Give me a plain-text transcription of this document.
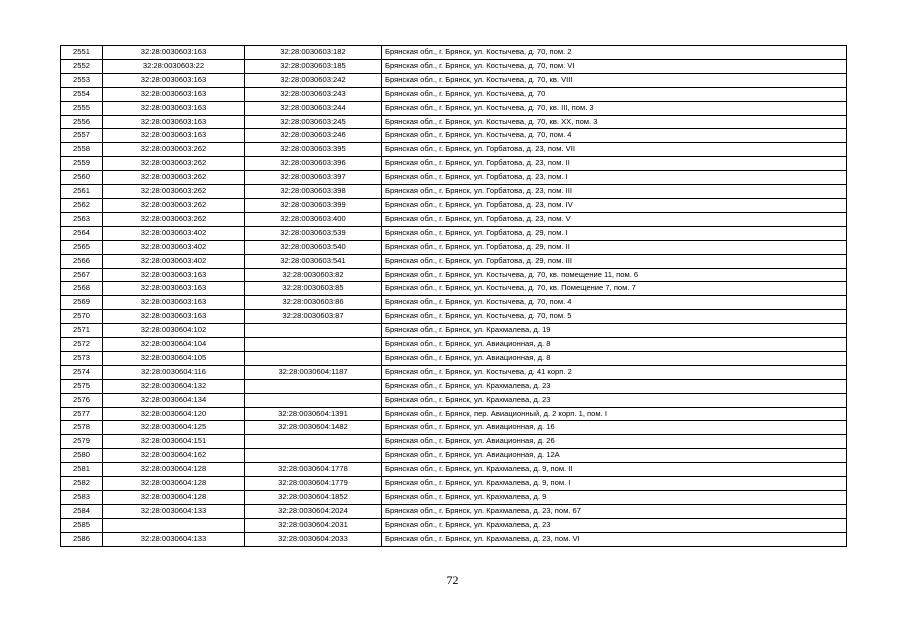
2551	32:28:0030603:163	32:28:0030603:182	Брянская обл., г. Брянск, ул. Костычева, д. 70, пом. 2
2552	32:28:0030603:22	32:28:0030603:185	Брянская обл., г. Брянск, ул. Костычева, д. 70, пом. VI
2553	32:28:0030603:163	32:28:0030603:242	Брянская обл., г. Брянск, ул. Костычева, д. 70, кв. VIII
2554	32:28:0030603:163	32:28:0030603:243	Брянская обл., г. Брянск, ул. Костычева, д. 70
2555	32:28:0030603:163	32:28:0030603:244	Брянская обл., г. Брянск, ул. Костычева, д. 70, кв. III, пом. 3
2556	32:28:0030603:163	32:28:0030603:245	Брянская обл., г. Брянск, ул. Костычева, д. 70, кв. XX, пом. 3
2557	32:28:0030603:163	32:28:0030603:246	Брянская обл., г. Брянск, ул. Костычева, д. 70, пом. 4
2558	32:28:0030603:262	32:28:0030603:395	Брянская обл., г. Брянск, ул. Горбатова, д. 23, пом. VII
2559	32:28:0030603:262	32:28:0030603:396	Брянская обл., г. Брянск, ул. Горбатова, д. 23, пом. II
2560	32:28:0030603:262	32:28:0030603:397	Брянская обл., г. Брянск, ул. Горбатова, д. 23, пом. I
2561	32:28:0030603:262	32:28:0030603:398	Брянская обл., г. Брянск, ул. Горбатова, д. 23, пом. III
2562	32:28:0030603:262	32:28:0030603:399	Брянская обл., г. Брянск, ул. Горбатова, д. 23, пом. IV
2563	32:28:0030603:262	32:28:0030603:400	Брянская обл., г. Брянск, ул. Горбатова, д. 23, пом. V
2564	32:28:0030603:402	32:28:0030603:539	Брянская обл., г. Брянск, ул. Горбатова, д. 29, пом. I
2565	32:28:0030603:402	32:28:0030603:540	Брянская обл., г. Брянск, ул. Горбатова, д. 29, пом. II
2566	32:28:0030603:402	32:28:0030603:541	Брянская обл., г. Брянск, ул. Горбатова, д. 29, пом. III
2567	32:28:0030603:163	32:28:0030603:82	Брянская обл., г. Брянск, ул. Костычева, д. 70, кв. помещение 11, пом. 6
2568	32:28:0030603:163	32:28:0030603:85	Брянская обл., г. Брянск, ул. Костычева, д. 70, кв. Помещение 7, пом. 7
2569	32:28:0030603:163	32:28:0030603:86	Брянская обл., г. Брянск, ул. Костычева, д. 70, пом. 4
2570	32:28:0030603:163	32:28:0030603:87	Брянская обл., г. Брянск, ул. Костычева, д. 70, пом. 5
2571	32:28:0030604:102		Брянская обл., г. Брянск, ул. Крахмалева, д. 19
2572	32:28:0030604:104		Брянская обл., г. Брянск, ул. Авиационная, д. 8
2573	32:28:0030604:105		Брянская обл., г. Брянск, ул. Авиационная, д. 8
2574	32:28:0030604:116	32:28:0030604:1187	Брянская обл., г. Брянск, ул. Костычева, д. 41 корп. 2
2575	32:28:0030604:132		Брянская обл., г. Брянск, ул. Крахмалева, д. 23
2576	32:28:0030604:134		Брянская обл., г. Брянск, ул. Крахмалева, д. 23
2577	32:28:0030604:120	32:28:0030604:1391	Брянская обл., г. Брянск, пер. Авиационный, д. 2 корп. 1, пом. I
2578	32:28:0030604:125	32:28:0030604:1482	Брянская обл., г. Брянск, ул. Авиационная, д. 16
2579	32:28:0030604:151		Брянская обл., г. Брянск, ул. Авиационная, д. 26
2580	32:28:0030604:162		Брянская обл., г. Брянск, ул. Авиационная, д. 12А
2581	32:28:0030604:128	32:28:0030604:1778	Брянская обл., г. Брянск, ул. Крахмалева, д. 9, пом. II
2582	32:28:0030604:128	32:28:0030604:1779	Брянская обл., г. Брянск, ул. Крахмалева, д. 9, пом. I
2583	32:28:0030604:128	32:28:0030604:1852	Брянская обл., г. Брянск, ул. Крахмалева, д. 9
2584	32:28:0030604:133	32:28:0030604:2024	Брянская обл., г. Брянск, ул. Крахмалева, д. 23, пом. 67
2585		32:28:0030604:2031	Брянская обл., г. Брянск, ул. Крахмалева, д. 23
2586	32:28:0030604:133	32:28:0030604:2033	Брянская обл., г. Брянск, ул. Крахмалева, д. 23, пом. VI
72
